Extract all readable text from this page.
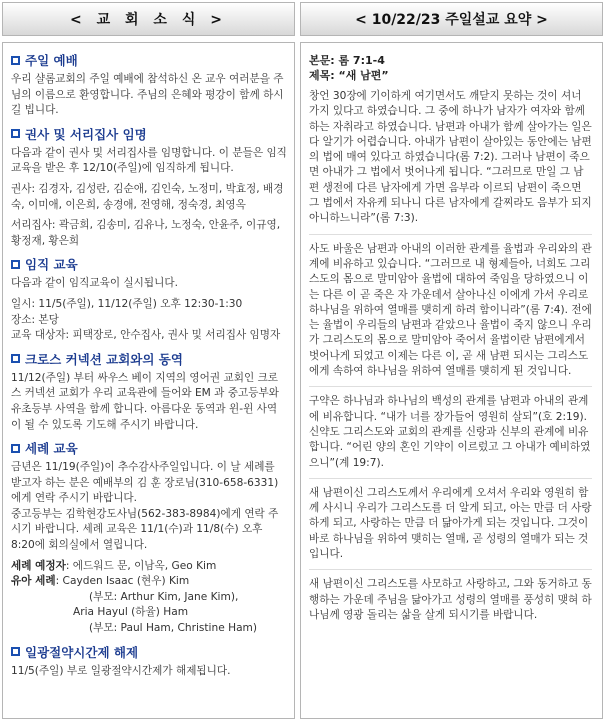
< 교 회 소 식 >	< 10/22/23 주일설교 요약 >
주일 예배
우리 샬롬교회의 주일 예배에 참석하신 온 교우 여러분을 주님의 이름으로 환영합니다. 주님의 은혜와 평강이 함께 하시길 빕니다.
권사 및 서리집사 임명
다음과 같이 권사 및 서리집사를 임명합니다. 이 분들은 임직교육을 받은 후 12/10(주일)에 임직하게 됩니다.
권사: 김경자, 김성란, 김순애, 김인숙, 노정미, 박효정, 배경숙, 이미애, 이은희, 송경애, 전영해, 정숙경, 최영옥
서리집사: 곽금희, 김송미, 김유나, 노정숙, 안윤주, 이규영, 황정재, 황은희
임직 교육
다음과 같이 임직교육이 실시됩니다.
일시: 11/5(주일), 11/12(주일) 오후 12:30-1:30
장소: 본당
교육 대상자: 피택장로, 안수집사, 권사 및 서리집사 임명자
크로스 커넥션 교회와의 동역
11/12(주일) 부터 싸우스 베이 지역의 영어권 교회인 크로스 커넥션 교회가 우리 교육관에 들어와 EM 과 중고등부와 유초등부 사역을 함께 합니다. 아름다운 동역과 윈-윈 사역이 될 수 있도록 기도해 주시기 바랍니다.
세례 교육
금년은 11/19(주일)이 추수감사주일입니다. 이 날 세례를 받고자 하는 분은 예배부의 김 훈 장로님(310-658-6331)에게 연락 주시기 바랍니다.
중고등부는 김학현강도사님(562-383-8984)에게 연락 주시기 바랍니다. 세례 교육은 11/1(수)과 11/8(수) 오후 8:20에 회의실에서 열립니다.
세례 예정자: 에드워드 문, 이남옥, Geo Kim
유아 세례: Cayden Isaac (현우) Kim
(부모: Arthur Kim, Jane Kim),
Aria Hayul (하율) Ham
(부모: Paul Ham, Christine Ham)
일광절약시간제 해제
11/5(주일) 부로 일광절약시간제가 해제됩니다.
본문: 롬 7:1-4
제목: “새 남편”
창언 30장에 기이하게 여기면서도 깨닫지 못하는 것이 셔너 가지 있다고 하였습니다. 그 중에 하나가 남자가 여자와 함께 하는 자취라고 하였습니다. 남편과 아내가 함께 살아가는 일은 다 알기가 어렵습니다. 아내가 남편이 살아있는 동안에는 남편의 법에 매여 있다고 하였습니다(롬 7:2). 그러나 남편이 죽으면 아내가 그 법에서 벗어나게 됩니다. “그러므로 만일 그 남편 생전에 다른 남자에게 가면 음부라 이르되 남편이 죽으면 그 법에서 자유케 되나니 다른 남자에게 갈찌라도 음부가 되지 아니하느니라”(롬 7:3).
사도 바울은 남편과 아내의 이러한 관계를 율법과 우리와의 관계에 비유하고 있습니다. “그러므로 내 형제들아, 너희도 그리스도의 몸으로 말미암아 율법에 대하여 죽임을 당하였으니 이는 다른 이 곧 죽은 자 가운데서 살아나신 이에게 가서 우리로 하나님을 위하여 열매를 맺히게 하려 함이니라”(롬 7:4). 전에는 율법이 우리들의 남편과 같았으나 율법이 죽지 않으니 우리가 그리스도의 몸으로 말미암아 죽어서 율법이란 남편에게서 벗어나게 되었고 이제는 다른 이, 곧 새 남편 되시는 그리스도에게 속하여 하나님을 위하여 열매를 맺히게 된 것입니다.
구약은 하나님과 하나님의 백성의 관계를 남편과 아내의 관계에 비유합니다. “내가 너를 장가들어 영원히 살되”(호 2:19). 신약도 그리스도와 교회의 관계를 신랑과 신부의 관계에 비유합니다. “어린 양의 혼인 기약이 이르렀고 그 아내가 예비하였으니”(계 19:7).
새 남편이신 그리스도께서 우리에게 오셔서 우리와 영원히 함께 사시니 우리가 그리스도를 더 알게 되고, 아는 만큼 더 사랑하게 되고, 사랑하는 만큼 더 닮아가게 되는 것입니다. 그것이 바로 하나님을 위하여 맺히는 열매, 곧 성령의 열매가 되는 것입니다.
새 남편이신 그리스도를 사모하고 사랑하고, 그와 동거하고 동행하는 가운데 주님을 닮아가고 성령의 열매를 풍성히 맺혀 하나님께 영광 돌리는 삶을 살게 되시기를 바랍니다.
